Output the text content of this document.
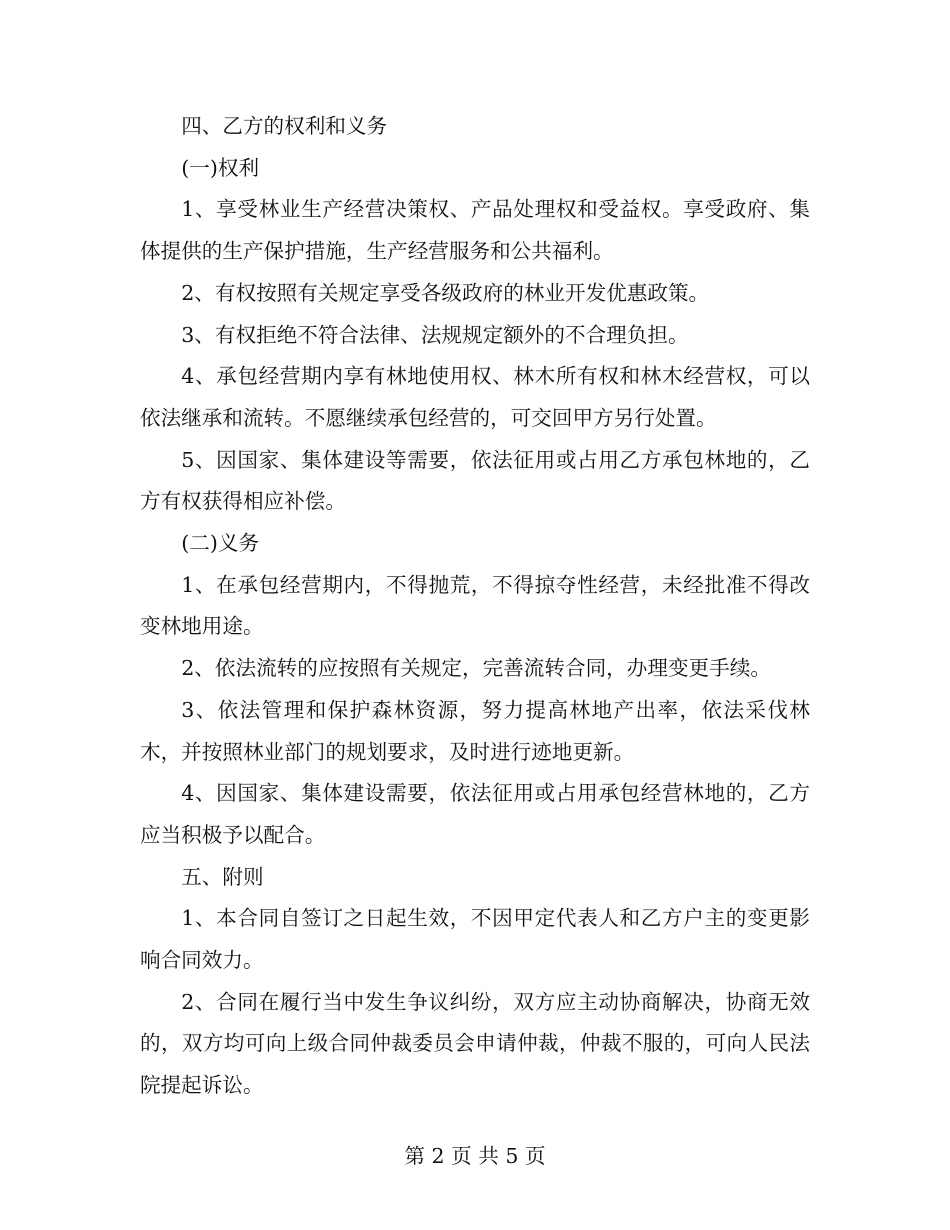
四、乙方的权利和义务

(一)权利

1、享受林业生产经营决策权、产品处理权和受益权。享受政府、集体提供的生产保护措施，生产经营服务和公共福利。

2、有权按照有关规定享受各级政府的林业开发优惠政策。

3、有权拒绝不符合法律、法规规定额外的不合理负担。

4、承包经营期内享有林地使用权、林木所有权和林木经营权，可以依法继承和流转。不愿继续承包经营的，可交回甲方另行处置。

5、因国家、集体建设等需要，依法征用或占用乙方承包林地的，乙方有权获得相应补偿。

(二)义务

1、在承包经营期内，不得抛荒，不得掠夺性经营，未经批准不得改变林地用途。

2、依法流转的应按照有关规定，完善流转合同，办理变更手续。

3、依法管理和保护森林资源，努力提高林地产出率，依法采伐林木，并按照林业部门的规划要求，及时进行迹地更新。

4、因国家、集体建设需要，依法征用或占用承包经营林地的，乙方应当积极予以配合。

五、附则

1、本合同自签订之日起生效，不因甲定代表人和乙方户主的变更影响合同效力。

2、合同在履行当中发生争议纠纷，双方应主动协商解决，协商无效的，双方均可向上级合同仲裁委员会申请仲裁，仲裁不服的，可向人民法院提起诉讼。

第 2 页 共 5 页
